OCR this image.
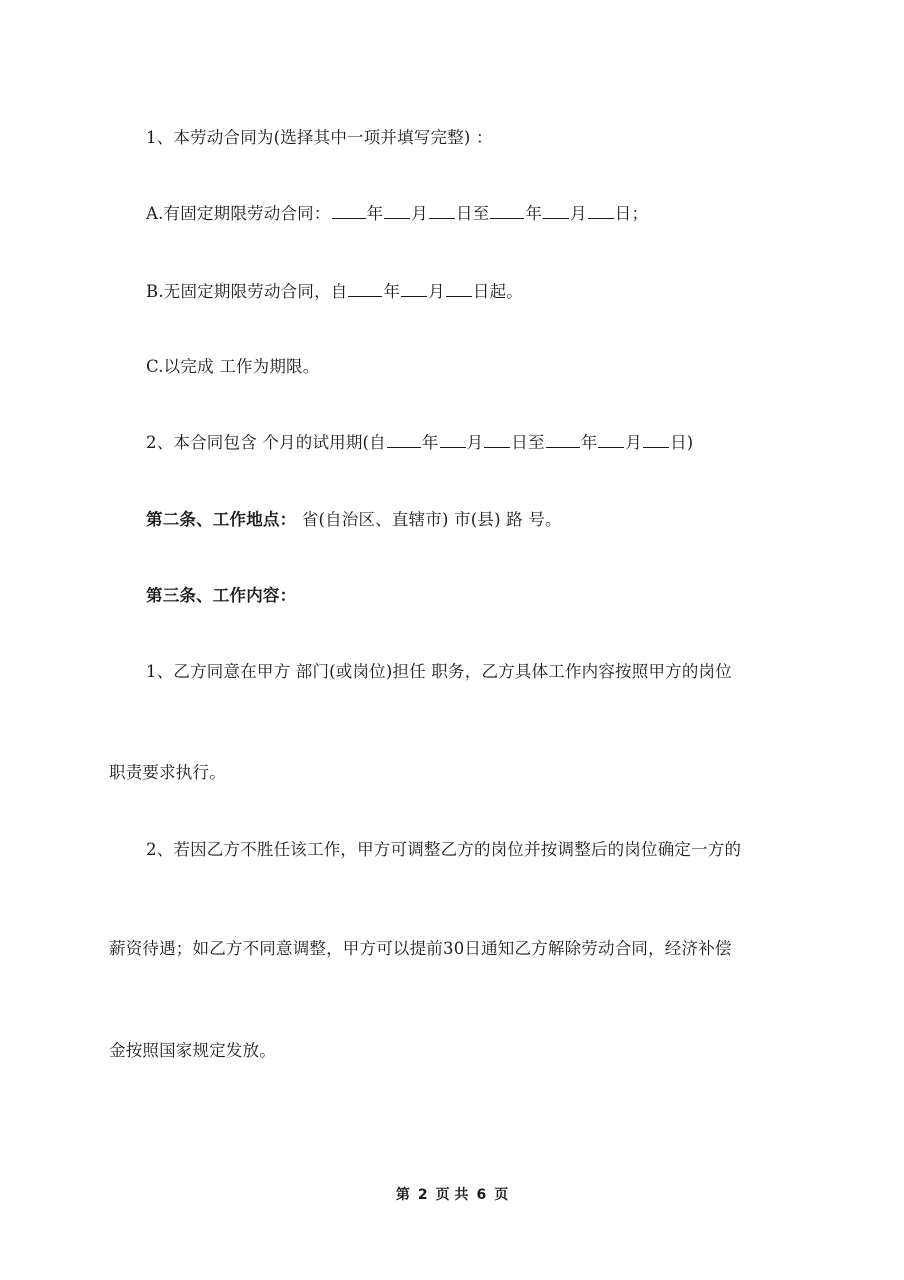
1、本劳动合同为(选择其中一项并填写完整) ：
A.有固定期限劳动合同： 年 月 日至 年 月 日；
B.无固定期限劳动合同，自 年 月 日起。
C.以完成 工作为期限。
2、本合同包含 个月的试用期(自 年 月 日至 年 月 日)
第二条、工作地点： 省(自治区、直辖市) 市(县) 路 号。
第三条、工作内容：
1、乙方同意在甲方 部门(或岗位)担任 职务，乙方具体工作内容按照甲方的岗位
职责要求执行。
2、若因乙方不胜任该工作，甲方可调整乙方的岗位并按调整后的岗位确定一方的
薪资待遇；如乙方不同意调整，甲方可以提前30日通知乙方解除劳动合同，经济补偿
金按照国家规定发放。
第 2 页 共 6 页
